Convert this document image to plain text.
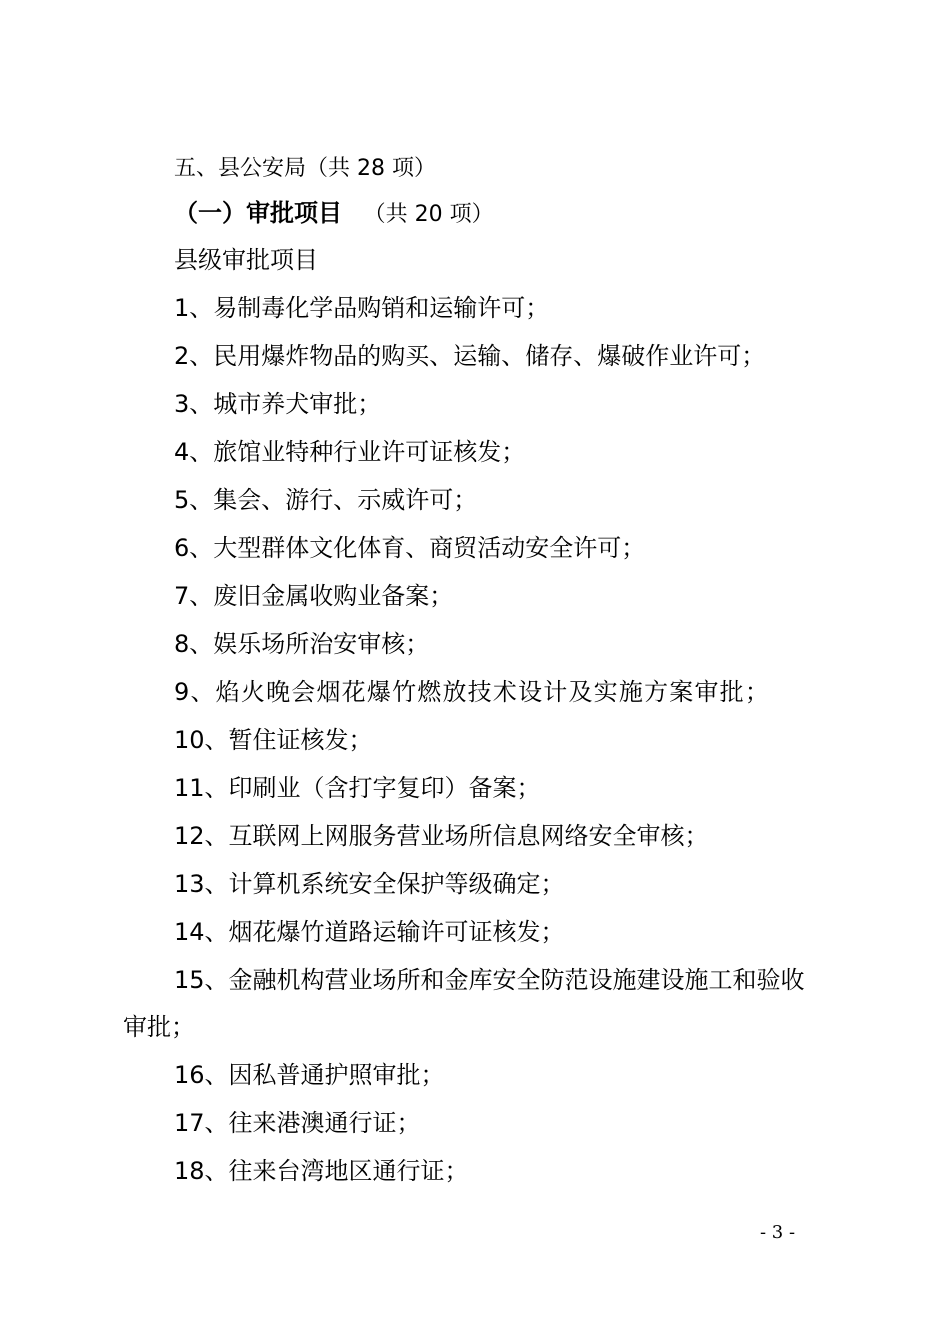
五、县公安局（共 28 项）
（一）审批项目 （共 20 项）
县级审批项目
1、易制毒化学品购销和运输许可；
2、民用爆炸物品的购买、运输、储存、爆破作业许可；
3、城市养犬审批；
4、旅馆业特种行业许可证核发；
5、集会、游行、示威许可；
6、大型群体文化体育、商贸活动安全许可；
7、废旧金属收购业备案；
8、娱乐场所治安审核；
9、焰火晚会烟花爆竹燃放技术设计及实施方案审批；
10、暂住证核发；
11、印刷业（含打字复印）备案；
12、互联网上网服务营业场所信息网络安全审核；
13、计算机系统安全保护等级确定；
14、烟花爆竹道路运输许可证核发；
15、金融机构营业场所和金库安全防范设施建设施工和验收
审批；
16、因私普通护照审批；
17、往来港澳通行证；
18、往来台湾地区通行证；
- 3 -
